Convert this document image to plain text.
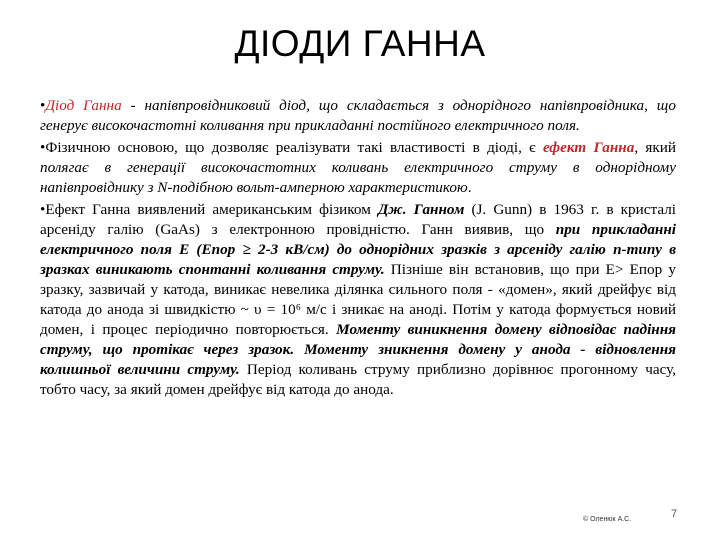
ДІОДИ ГАННА

•Діод Ганна - напівпровідниковий діод, що складається з однорідного напівпровідника, що генерує високочастотні коливання при прикладанні постійного електричного поля.

•Фізичною основою, що дозволяє реалізувати такі властивості в діоді, є ефект Ганна, який полягає в генерації високочастотних коливань електричного струму в однорідному напівпровіднику з N-подібною вольт-амперною характеристикою.

•Ефект Ганна виявлений американським фізиком Дж. Ганном (J. Gunn) в 1963 г. в кристалі арсеніду галію (GaAs) з електронною провідністю. Ганн виявив, що при прикладанні електричного поля E (Eпор ≥ 2-3 кВ/см) до однорідних зразків з арсеніду галію n-типу в зразках виникають спонтанні коливання струму. Пізніше він встановив, що при E> Eпор у зразку, зазвичай у катода, виникає невелика ділянка сильного поля - «домен», який дрейфує від катода до анода зі швидкістю ~ υ = 10⁶ м/с і зникає на аноді. Потім у катода формується новий домен, і процес періодично повторюється. Моменту виникнення домену відповідає падіння струму, що протікає через зразок. Моменту зникнення домену у анода - відновлення колишньої величини струму. Період коливань струму приблизно дорівнює прогонному часу, тобто часу, за який домен дрейфує від катода до анода.

© Оленюк А.С.	7
